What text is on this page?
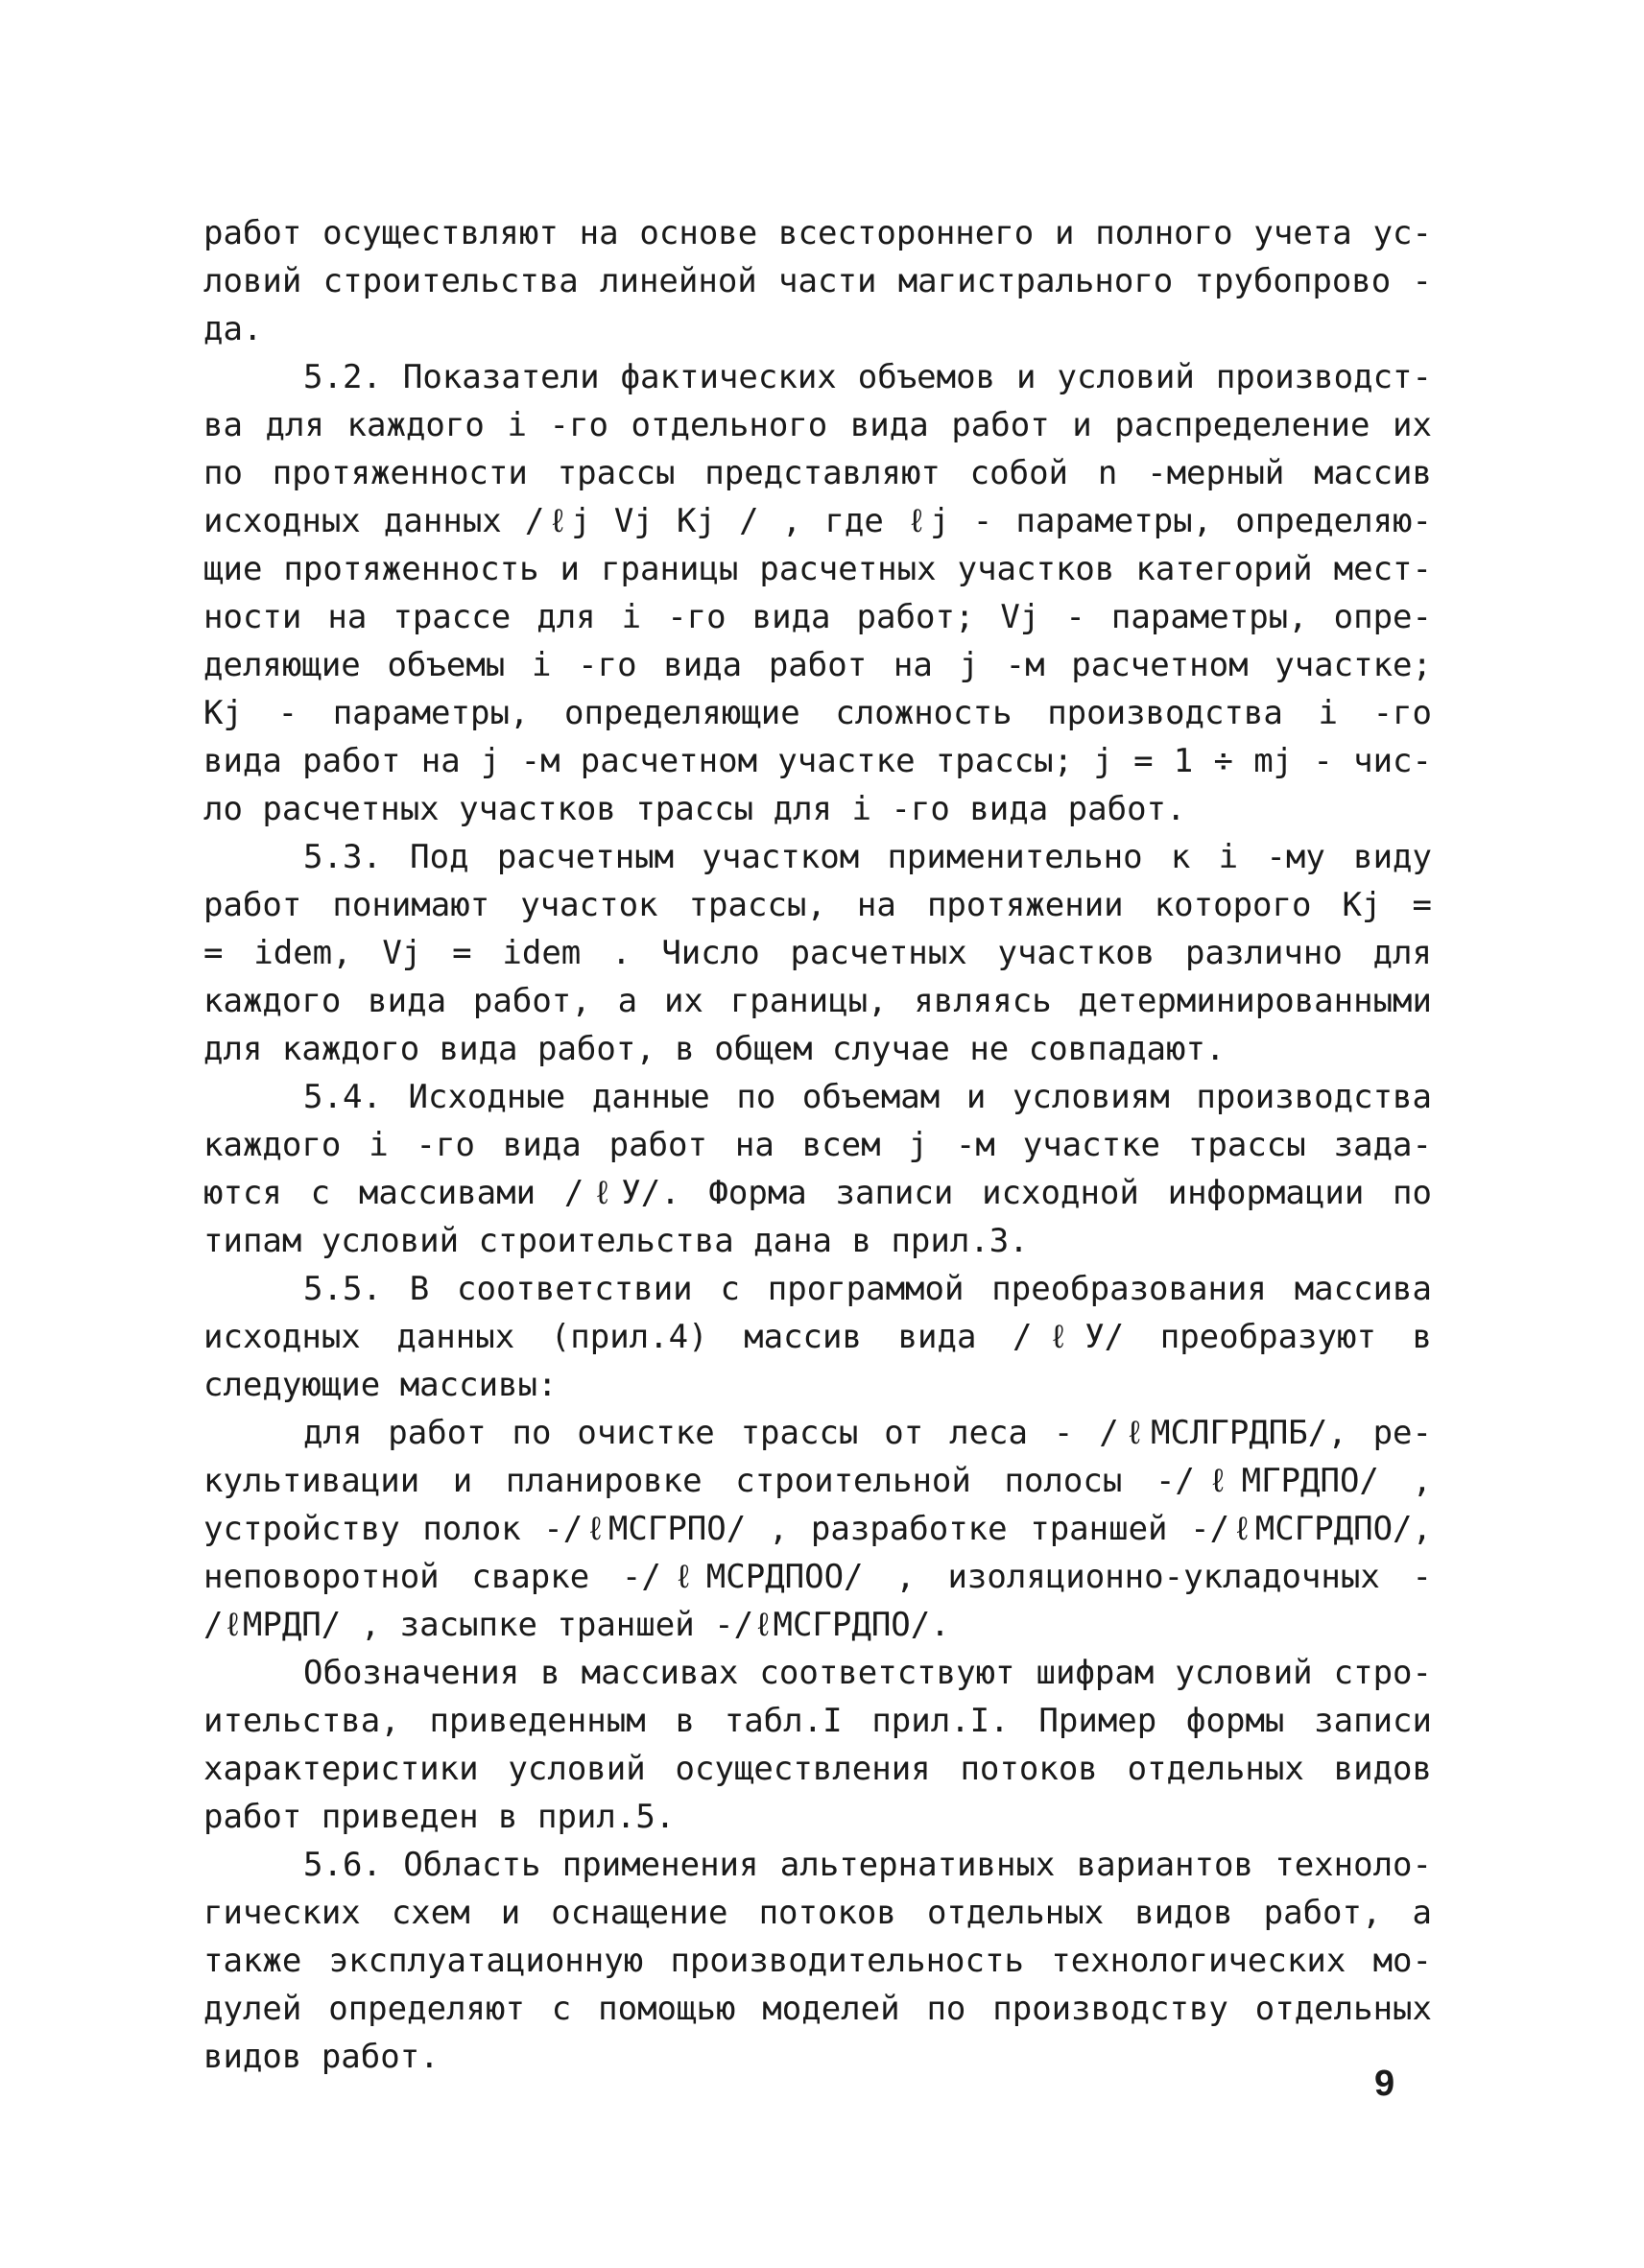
работ осуществляют на основе всестороннего и полного учета ус-
ловий строительства линейной части магистрального трубопрово -
да.
5.2. Показатели фактических объемов и условий производст-
ва для каждого i -го отдельного вида работ и распределение их
по протяженности трассы представляют собой n -мерный массив
исходных данных /ℓj Vj Kj / , где ℓj - параметры, определяю-
щие протяженность и границы расчетных участков категорий мест-
ности на трассе для i -го вида работ; Vj - параметры, опре-
деляющие объемы i -го вида работ на j -м расчетном участке;
Kj - параметры, определяющие сложность производства i -го
вида работ на j -м расчетном участке трассы; j = 1 ÷ mj - чис-
ло расчетных участков трассы для i -го вида работ.
5.3. Под расчетным участком применительно к i -му виду
работ понимают участок трассы, на протяжении которого Kj =
= idem, Vj = idem . Число расчетных участков различно для
каждого вида работ, а их границы, являясь детерминированными
для каждого вида работ, в общем случае не совпадают.
5.4. Исходные данные по объемам и условиям производства
каждого i -го вида работ на всем j -м участке трассы зада-
ются с массивами /ℓУ/. Форма записи исходной информации по
типам условий строительства дана в прил.3.
5.5. В соответствии с программой преобразования массива
исходных данных (прил.4) массив вида /ℓУ/ преобразуют в
следующие массивы:
для работ по очистке трассы от леса - /ℓМСЛГРДПБ/, ре-
культивации и планировке строительной полосы -/ℓМГРДПО/ ,
устройству полок -/ℓМСГРПО/ , разработке траншей -/ℓМСГРДПО/,
неповоротной сварке -/ℓМСРДПОО/ , изоляционно-укладочных -
/ℓМРДП/ , засыпке траншей -/ℓМСГРДПО/.
Обозначения в массивах соответствуют шифрам условий стро-
ительства, приведенным в табл.I прил.I. Пример формы записи
характеристики условий осуществления потоков отдельных видов
работ приведен в прил.5.
5.6. Область применения альтернативных вариантов техноло-
гических схем и оснащение потоков отдельных видов работ, а
также эксплуатационную производительность технологических мо-
дулей определяют с помощью моделей по производству отдельных
видов работ.
9
